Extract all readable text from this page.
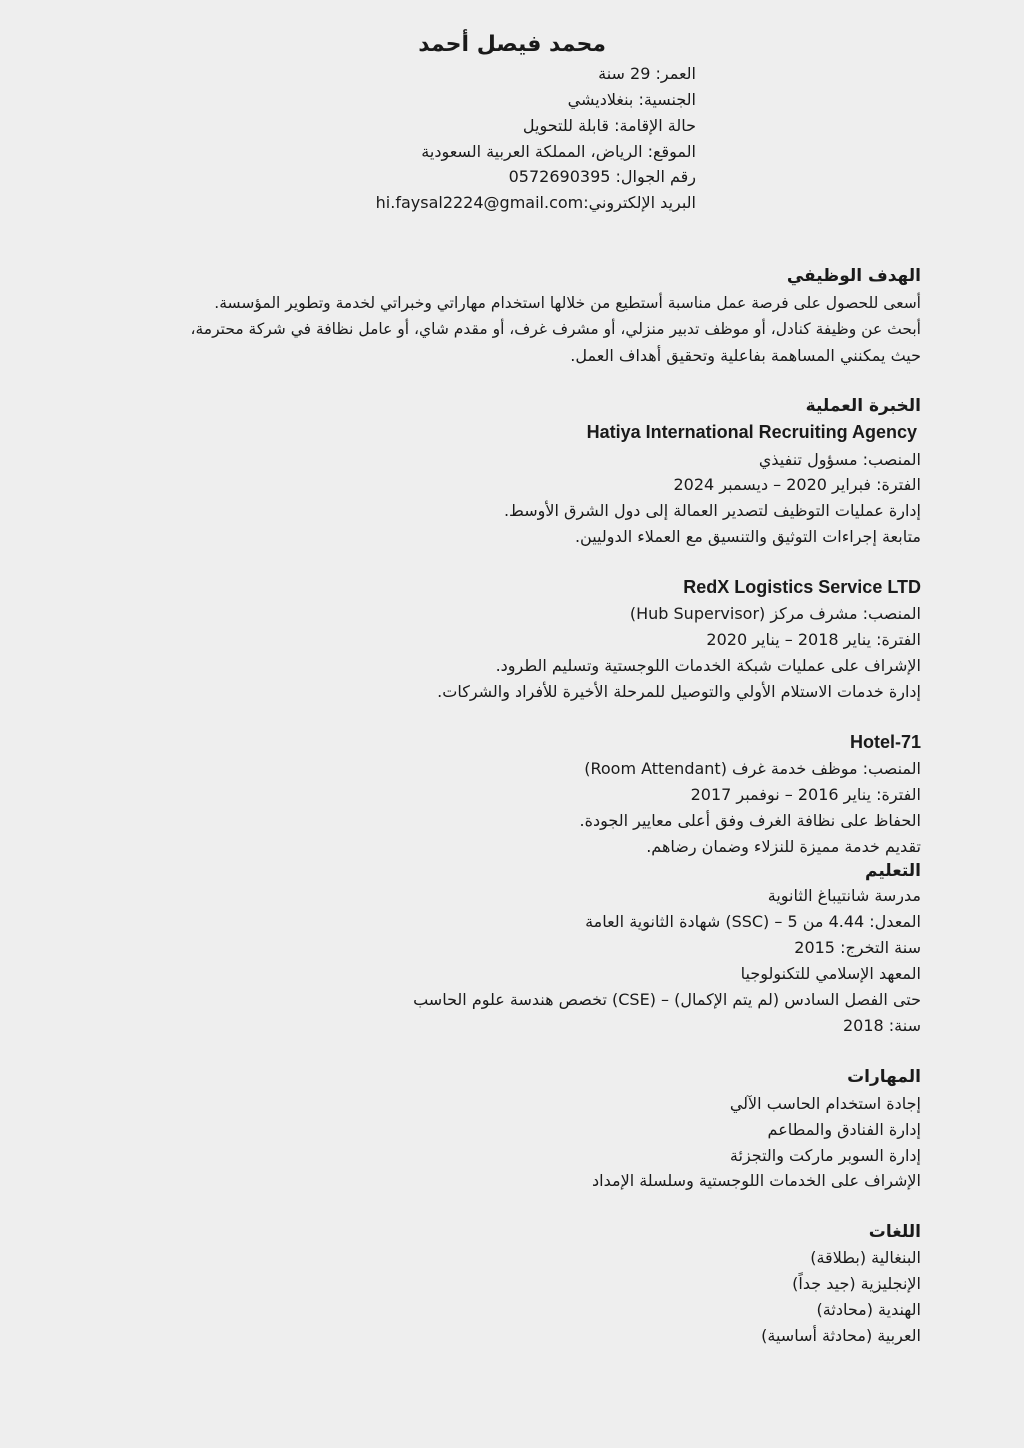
محمد فيصل أحمد
العمر: 29 سنة
الجنسية: بنغلاديشي
حالة الإقامة: قابلة للتحويل
الموقع: الرياض، المملكة العربية السعودية
رقم الجوال: 0572690395
البريد الإلكتروني:hi.faysal2224@gmail.com
الهدف الوظيفي
أسعى للحصول على فرصة عمل مناسبة أستطيع من خلالها استخدام مهاراتي وخبراتي لخدمة وتطوير المؤسسة.
أبحث عن وظيفة كنادل، أو موظف تدبير منزلي، أو مشرف غرف، أو مقدم شاي، أو عامل نظافة في شركة محترمة،
حيث يمكنني المساهمة بفاعلية وتحقيق أهداف العمل.
الخبرة العملية
Hatiya International Recruiting Agency
المنصب: مسؤول تنفيذي
الفترة: فبراير 2020 – ديسمبر 2024
إدارة عمليات التوظيف لتصدير العمالة إلى دول الشرق الأوسط.
متابعة إجراءات التوثيق والتنسيق مع العملاء الدوليين.
RedX Logistics Service LTD
المنصب: مشرف مركز (Hub Supervisor)
الفترة: يناير 2018 – يناير 2020
الإشراف على عمليات شبكة الخدمات اللوجستية وتسليم الطرود.
إدارة خدمات الاستلام الأولي والتوصيل للمرحلة الأخيرة للأفراد والشركات.
Hotel-71
المنصب: موظف خدمة غرف (Room Attendant)
الفترة: يناير 2016 – نوفمبر 2017
الحفاظ على نظافة الغرف وفق أعلى معايير الجودة.
تقديم خدمة مميزة للنزلاء وضمان رضاهم.
التعليم
مدرسة شانتيباغ الثانوية
المعدل: 4.44 من 5 – (SSC) شهادة الثانوية العامة
سنة التخرج: 2015
المعهد الإسلامي للتكنولوجيا
حتى الفصل السادس (لم يتم الإكمال) – (CSE) تخصص هندسة علوم الحاسب
سنة: 2018
المهارات
إجادة استخدام الحاسب الآلي
إدارة الفنادق والمطاعم
إدارة السوبر ماركت والتجزئة
الإشراف على الخدمات اللوجستية وسلسلة الإمداد
اللغات
البنغالية (بطلاقة)
الإنجليزية (جيد جداً)
الهندية (محادثة)
العربية (محادثة أساسية)
